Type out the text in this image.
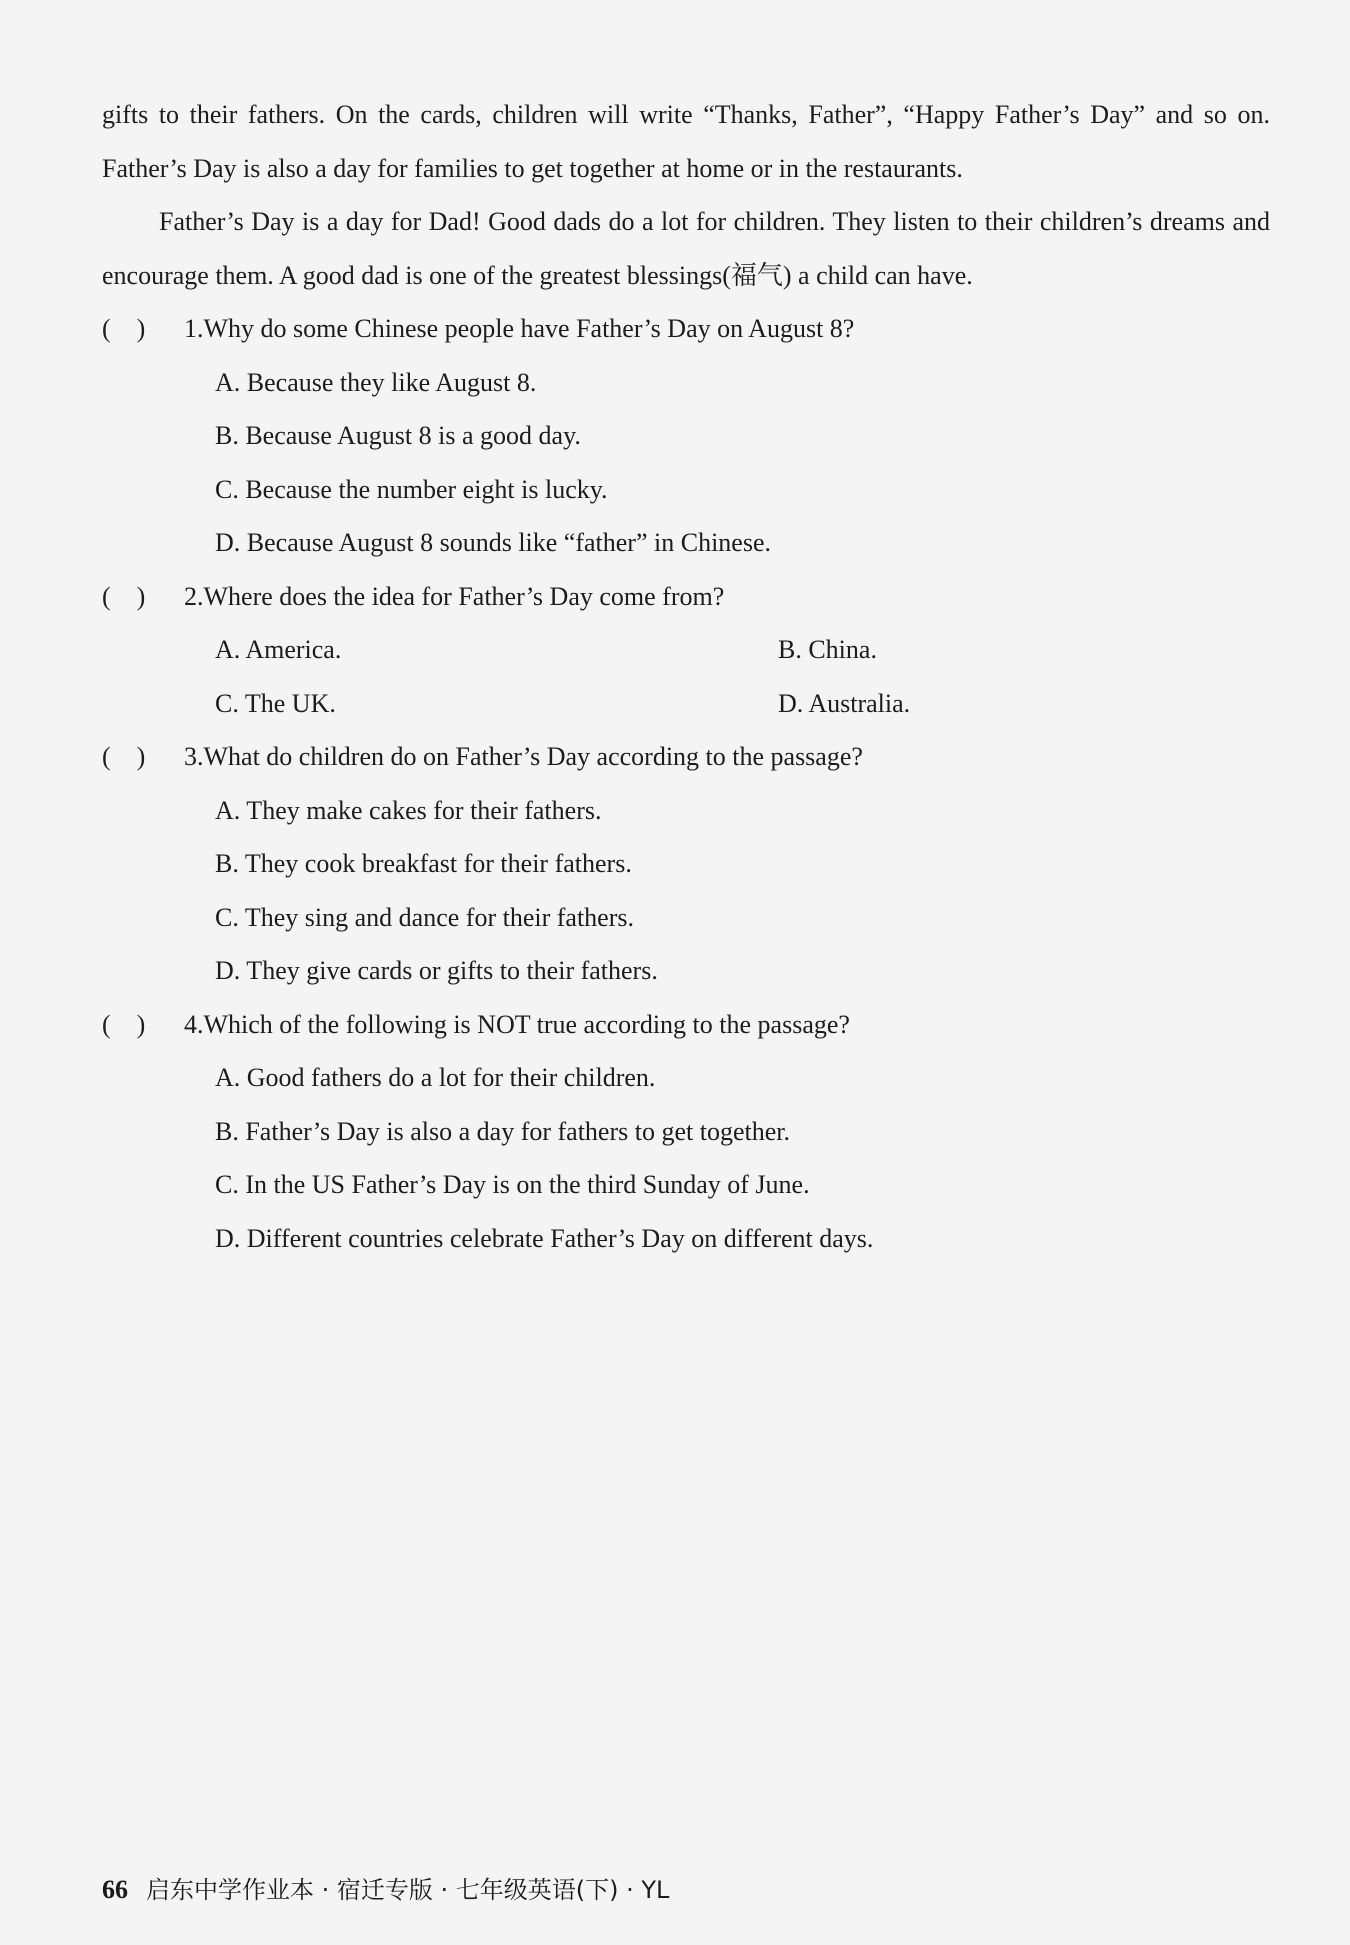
gifts to their fathers. On the cards, children will write “Thanks, Father”, “Happy Father’s Day” and so on. Father’s Day is also a day for families to get together at home or in the restaurants.

Father’s Day is a day for Dad! Good dads do a lot for children. They listen to their children’s dreams and encourage them. A good dad is one of the greatest blessings(福气) a child can have.

(    )	1. Why do some Chinese people have Father’s Day on August 8?
A. Because they like August 8.
B. Because August 8 is a good day.
C. Because the number eight is lucky.
D. Because August 8 sounds like “father” in Chinese.
(    )	2. Where does the idea for Father’s Day come from?
A. America.	B. China.
C. The UK.	D. Australia.
(    )	3. What do children do on Father’s Day according to the passage?
A. They make cakes for their fathers.
B. They cook breakfast for their fathers.
C. They sing and dance for their fathers.
D. They give cards or gifts to their fathers.
(    )	4. Which of the following is NOT true according to the passage?
A. Good fathers do a lot for their children.
B. Father’s Day is also a day for fathers to get together.
C. In the US Father’s Day is on the third Sunday of June.
D. Different countries celebrate Father’s Day on different days.
66 启东中学作业本 · 宿迁专版 · 七年级英语(下) · YL
